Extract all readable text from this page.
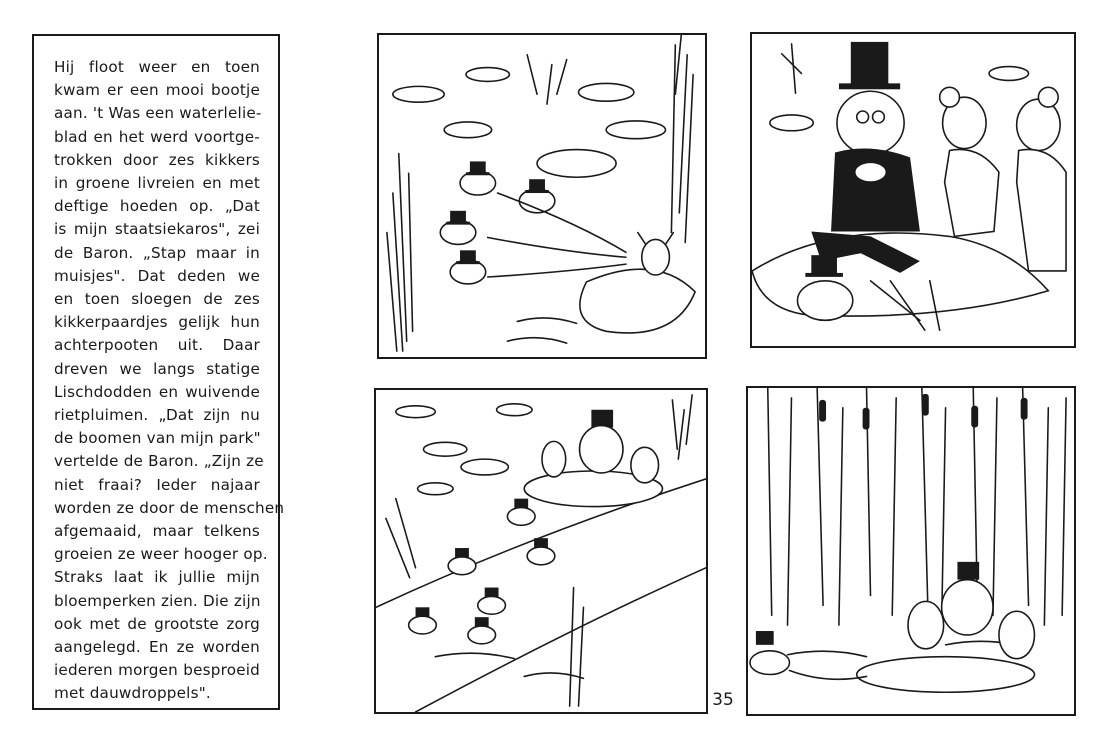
Hij floot weer en toen
kwam er een mooi bootje
aan. 't Was een waterlelie-
blad en het werd voortge-
trokken door zes kikkers
in groene livreien en met
deftige hoeden op. „Dat
is mijn staatsiekaros", zei
de Baron. „Stap maar in
muisjes". Dat deden we
en toen sloegen de zes
kikkerpaardjes gelijk hun
achterpooten uit. Daar
dreven we langs statige
Lischdodden en wuivende
rietpluimen. „Dat zijn nu
de boomen van mijn park"
vertelde de Baron. „Zijn ze
niet fraai? Ieder najaar
worden ze door de menschen
afgemaaid, maar telkens
groeien ze weer hooger op.
Straks laat ik jullie mijn
bloemperken zien. Die zijn
ook met de grootste zorg
aangelegd. En ze worden
iederen morgen besproeid
met dauwdroppels".	35
